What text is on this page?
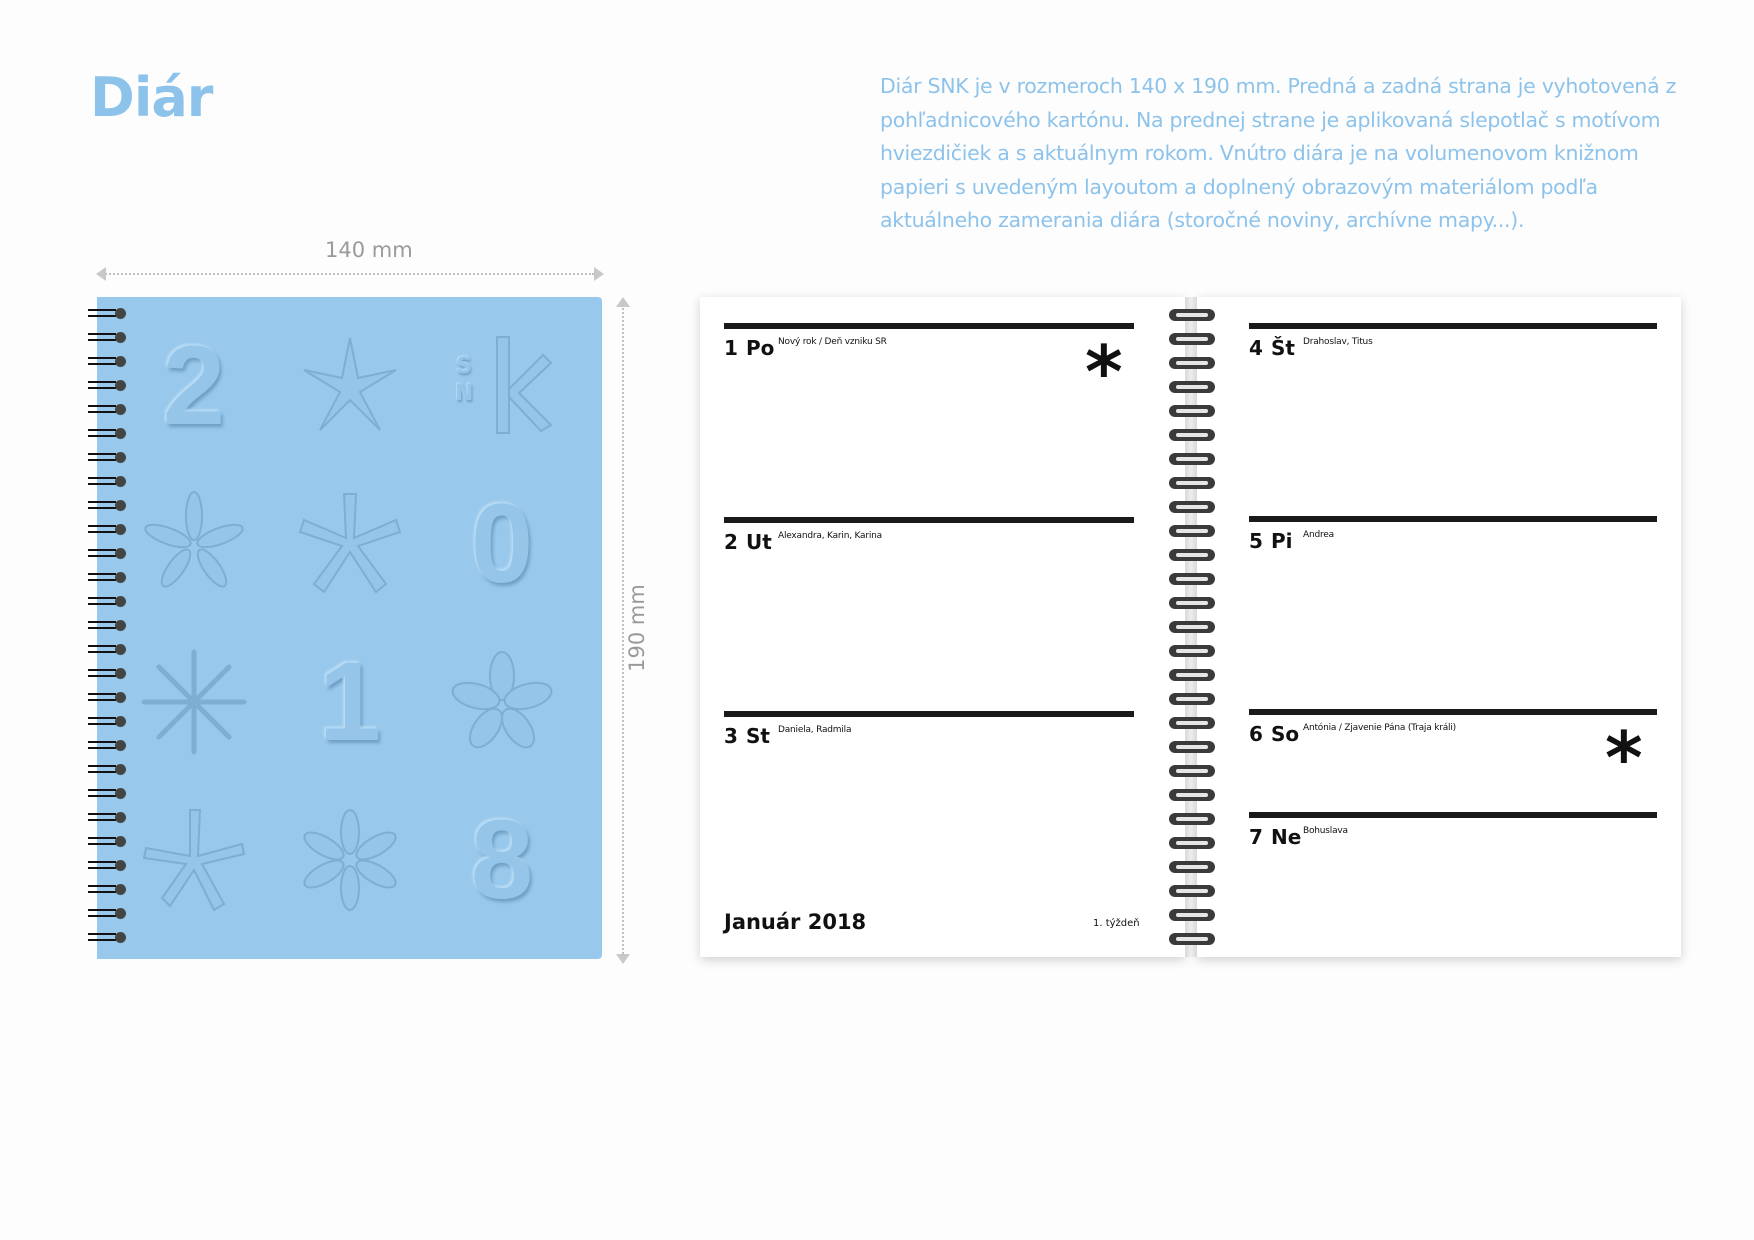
Diár	Diár SNK je v rozmeroch 140 x 190 mm. Predná a zadná strana je vyhotovená z pohľadnicového kartónu. Na prednej strane je aplikovaná slepotlač s motívom hviezdičiek a s aktuálnym rokom. Vnútro diára je na volumenovom knižnom papieri s uvedeným layoutom a doplnený obrazovým materiálom podľa aktuálneho zamerania diára (storočné noviny, archívne mapy...).

140 mm
190 mm
2	S
N
0
1
8
1 Po Nový rok / Deň vzniku SR	*
2 Ut Alexandra, Karin, Karina
3 St Daniela, Radmila
Január 2018	1. týždeň
4 Št Drahoslav, Titus
5 Pi Andrea
6 So Antónia / Zjavenie Pána (Traja králi) *
7 Ne Bohuslava
